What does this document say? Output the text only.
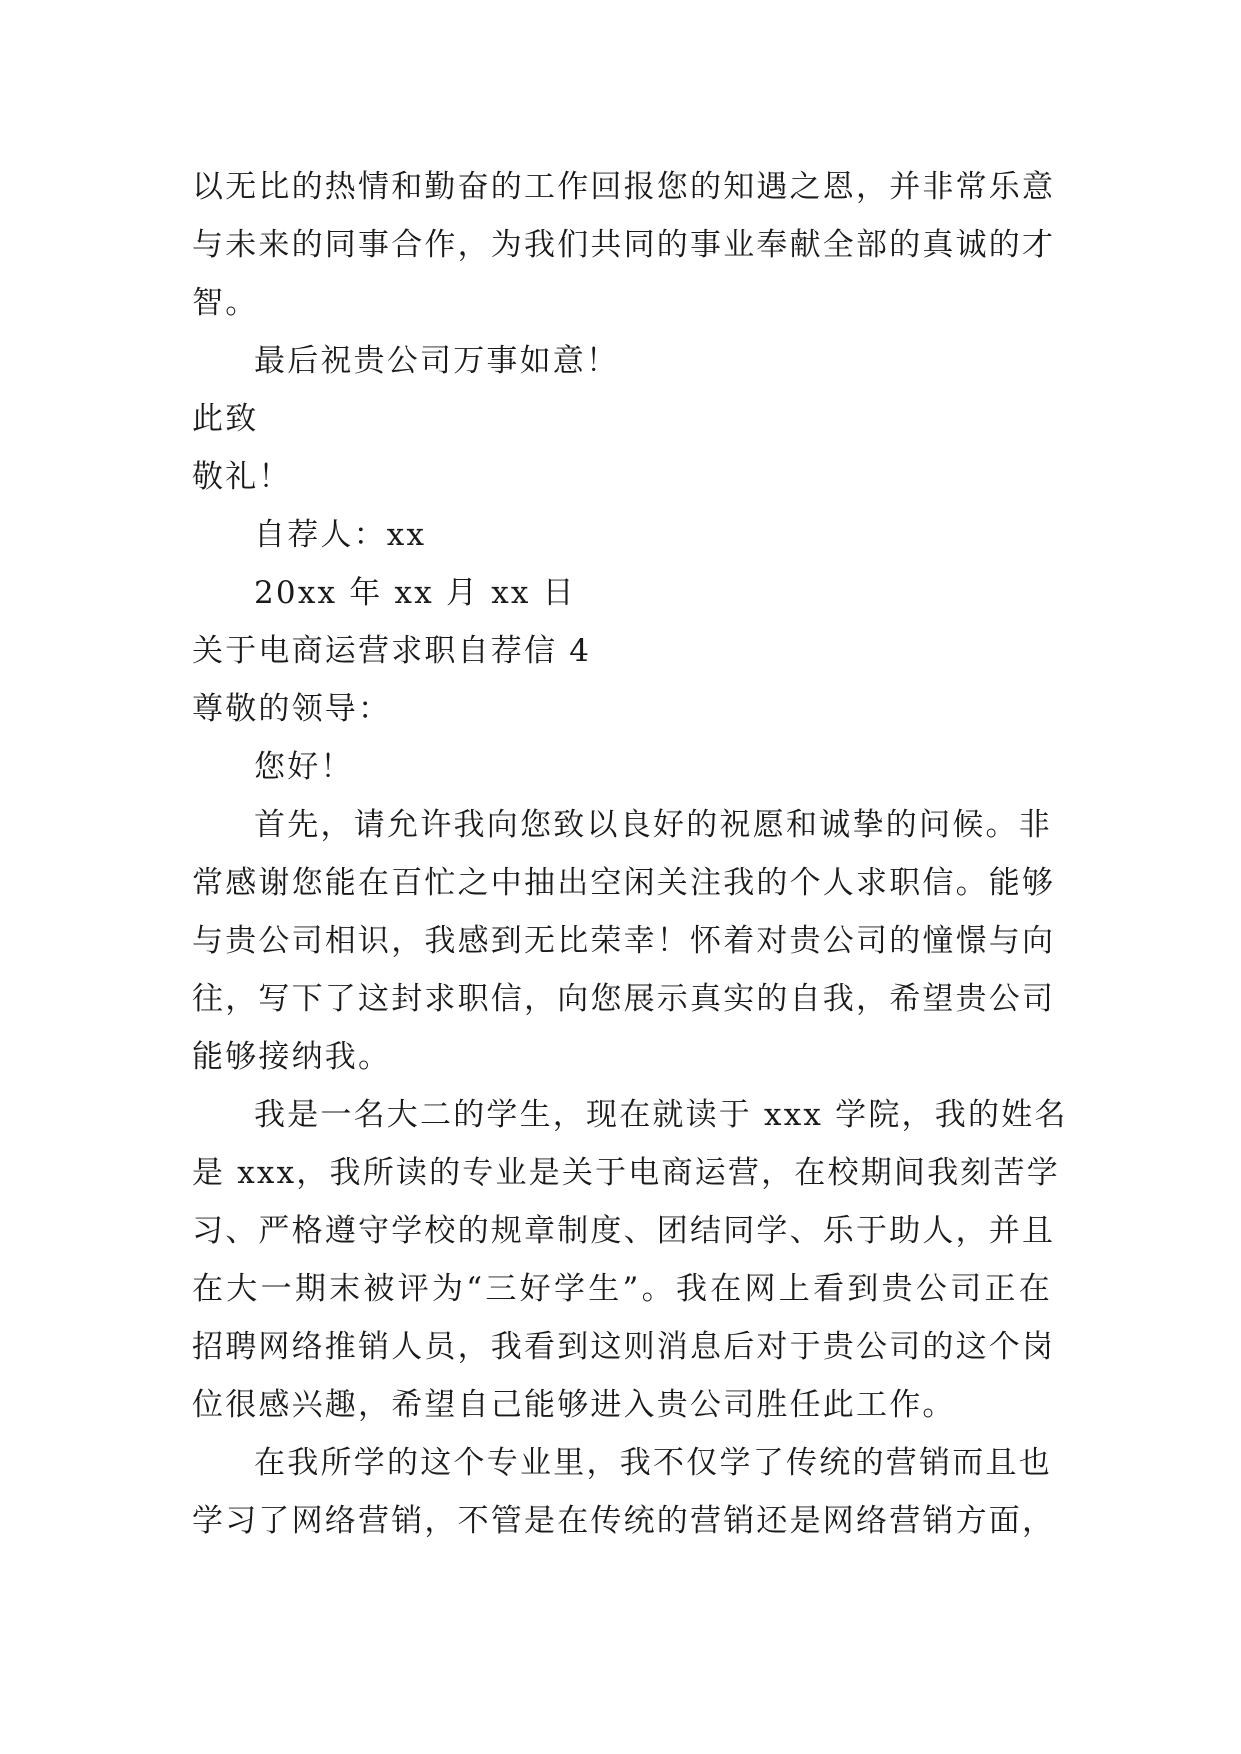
以无比的热情和勤奋的工作回报您的知遇之恩，并非常乐意
与未来的同事合作，为我们共同的事业奉献全部的真诚的才
智。
最后祝贵公司万事如意！
此致
敬礼！
自荐人：xx
20xx 年 xx 月 xx 日
关于电商运营求职自荐信 4
尊敬的领导：
您好！
首先，请允许我向您致以良好的祝愿和诚挚的问候。非
常感谢您能在百忙之中抽出空闲关注我的个人求职信。能够
与贵公司相识，我感到无比荣幸！怀着对贵公司的憧憬与向
往，写下了这封求职信，向您展示真实的自我，希望贵公司
能够接纳我。
我是一名大二的学生，现在就读于 xxx 学院，我的姓名
是 xxx，我所读的专业是关于电商运营，在校期间我刻苦学
习、严格遵守学校的规章制度、团结同学、乐于助人，并且
在大一期末被评为“三好学生”。我在网上看到贵公司正在
招聘网络推销人员，我看到这则消息后对于贵公司的这个岗
位很感兴趣，希望自己能够进入贵公司胜任此工作。
在我所学的这个专业里，我不仅学了传统的营销而且也
学习了网络营销，不管是在传统的营销还是网络营销方面，
